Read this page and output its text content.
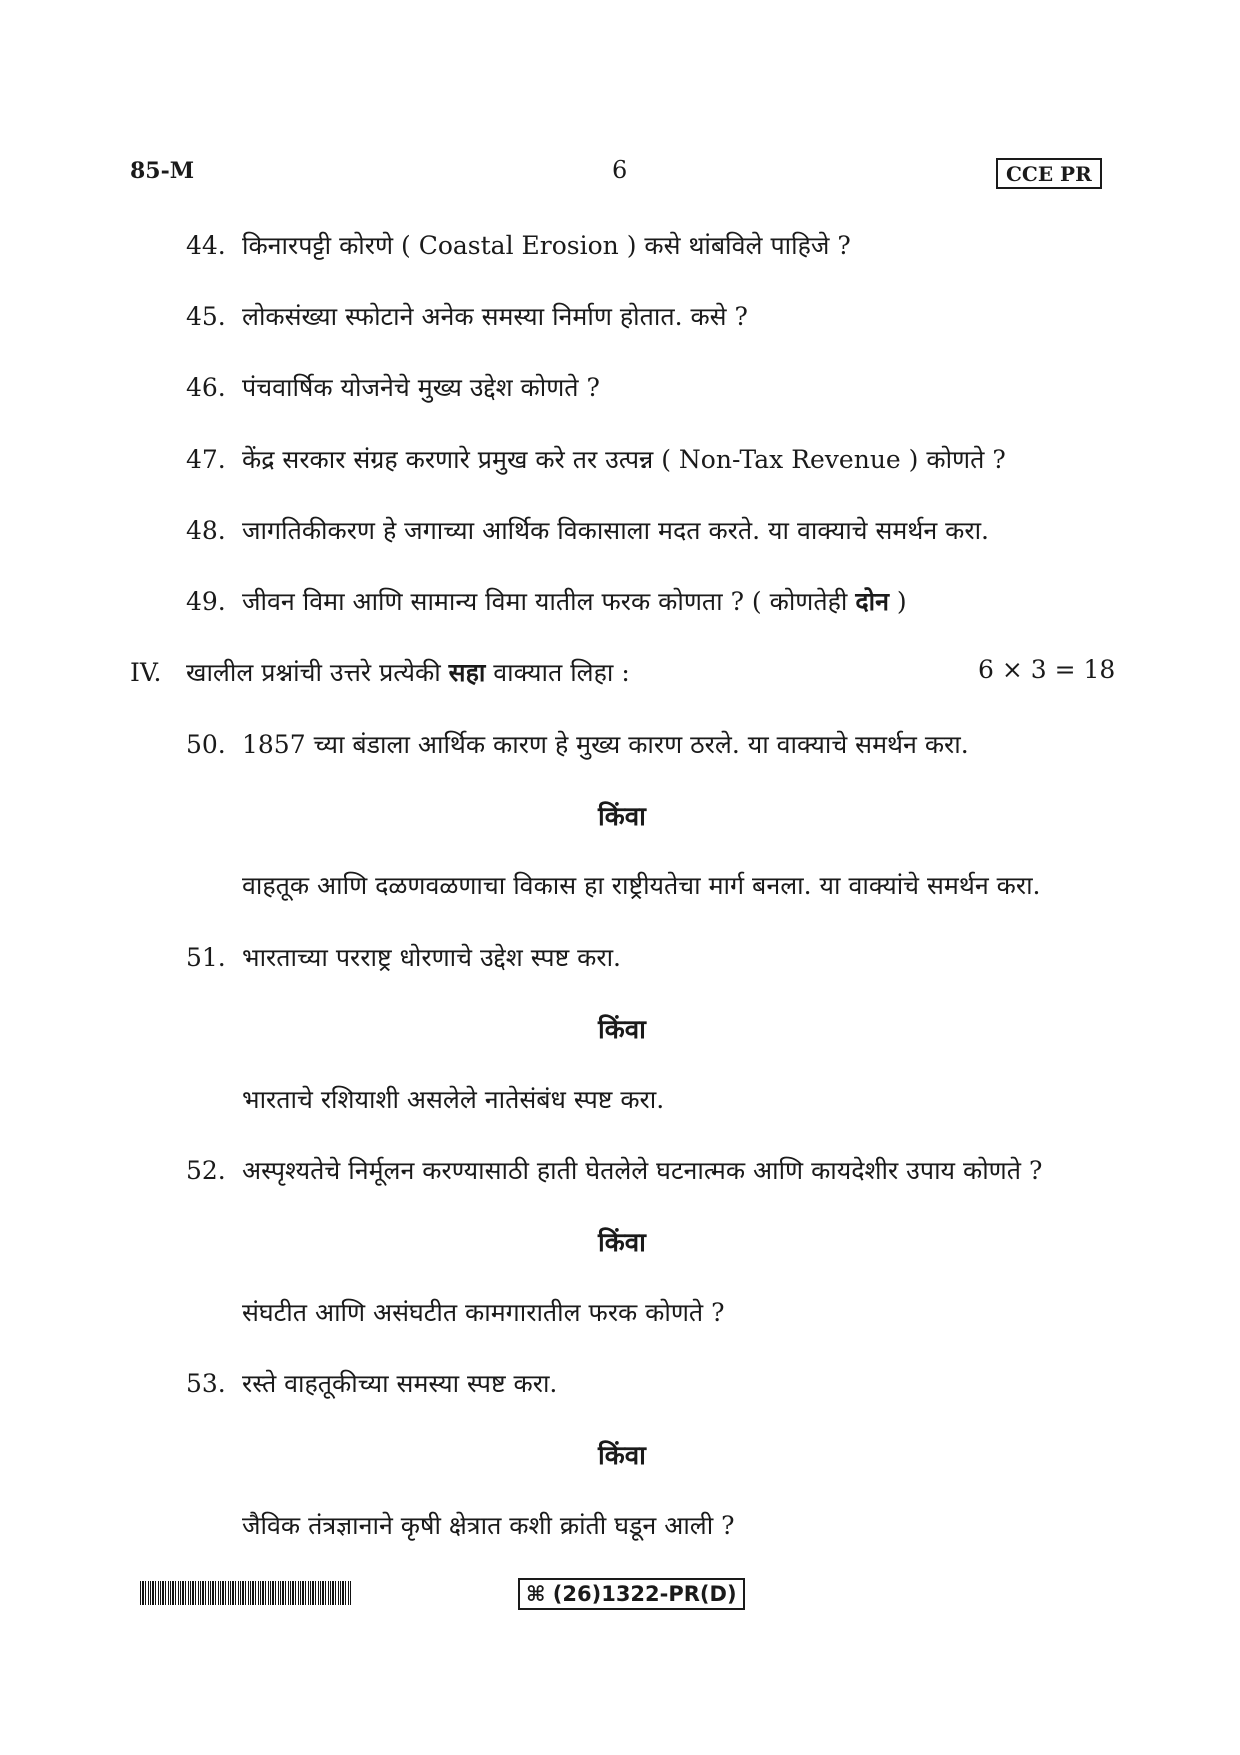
85-M	6	CCE PR
44. किनारपट्टी कोरणे ( Coastal Erosion ) कसे थांबविले पाहिजे ?
45. लोकसंख्या स्फोटाने अनेक समस्या निर्माण होतात. कसे ?
46. पंचवार्षिक योजनेचे मुख्य उद्देश कोणते ?
47. केंद्र सरकार संग्रह करणारे प्रमुख करे तर उत्पन्न ( Non-Tax Revenue ) कोणते ?
48. जागतिकीकरण हे जगाच्या आर्थिक विकासाला मदत करते. या वाक्याचे समर्थन करा.
49. जीवन विमा आणि सामान्य विमा यातील फरक कोणता ? ( कोणतेही दोन )
IV. खालील प्रश्नांची उत्तरे प्रत्येकी सहा वाक्यात लिहा :	6 × 3 = 18
50. 1857 च्या बंडाला आर्थिक कारण हे मुख्य कारण ठरले. या वाक्याचे समर्थन करा.
किंवा
वाहतूक आणि दळणवळणाचा विकास हा राष्ट्रीयतेचा मार्ग बनला. या वाक्यांचे समर्थन करा.
51. भारताच्या परराष्ट्र धोरणाचे उद्देश स्पष्ट करा.
किंवा
भारताचे रशियाशी असलेले नातेसंबंध स्पष्ट करा.
52. अस्पृश्यतेचे निर्मूलन करण्यासाठी हाती घेतलेले घटनात्मक आणि कायदेशीर उपाय कोणते ?
किंवा
संघटीत आणि असंघटीत कामगारातील फरक कोणते ?
53. रस्ते वाहतूकीच्या समस्या स्पष्ट करा.
किंवा
जैविक तंत्रज्ञानाने कृषी क्षेत्रात कशी क्रांती घडून आली ?
⌘ (26)1322-PR(D)
